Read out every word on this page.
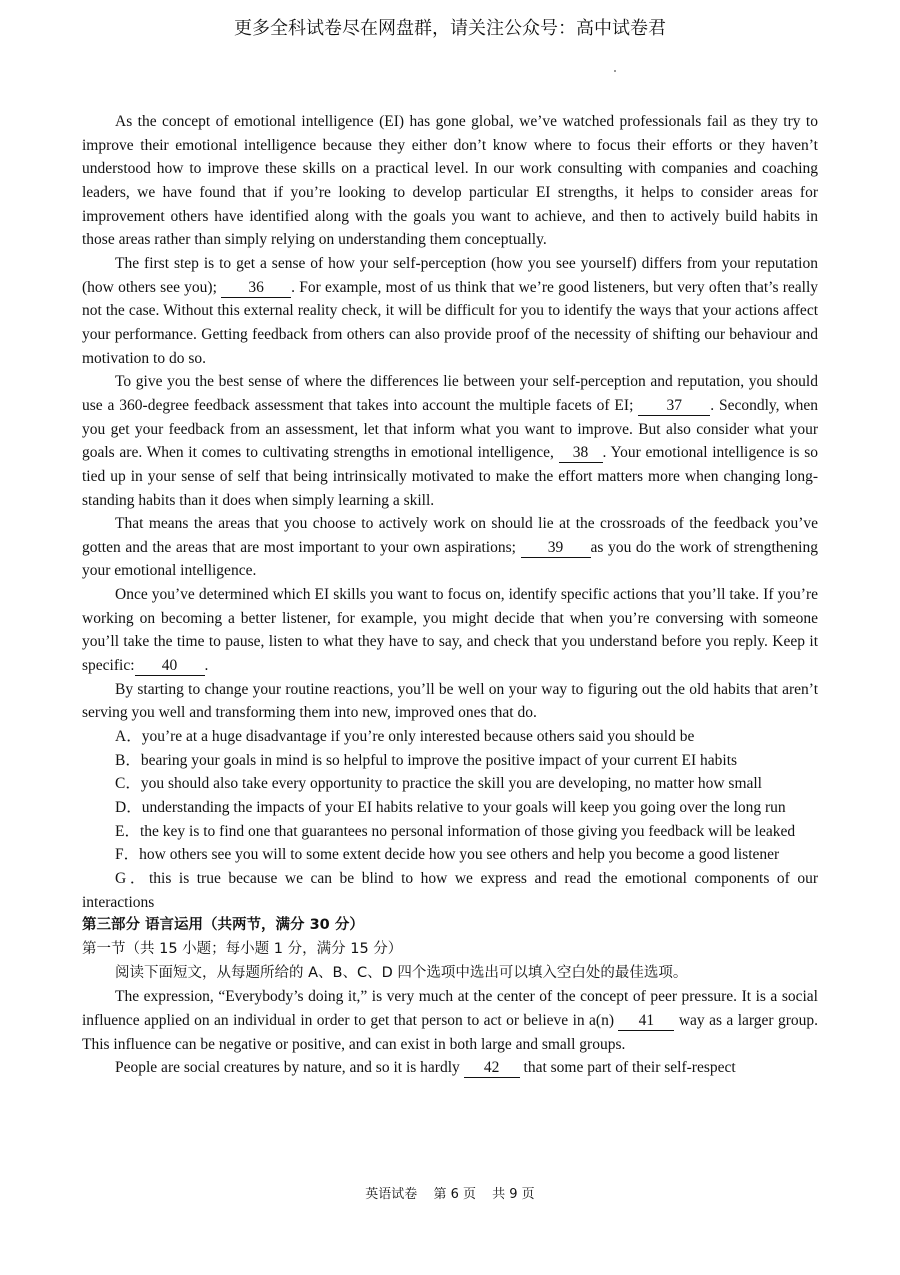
更多全科试卷尽在网盘群，请关注公众号：高中试卷君

As the concept of emotional intelligence (EI) has gone global, we’ve watched professionals fail as they try to improve their emotional intelligence because they either don’t know where to focus their efforts or they haven’t understood how to improve these skills on a practical level. In our work consulting with companies and coaching leaders, we have found that if you’re looking to develop particular EI strengths, it helps to consider areas for improvement others have identified along with the goals you want to achieve, and then to actively build habits in those areas rather than simply relying on understanding them conceptually.

The first step is to get a sense of how your self-perception (how you see yourself) differs from your reputation (how others see you); 36 . For example, most of us think that we’re good listeners, but very often that’s really not the case. Without this external reality check, it will be difficult for you to identify the ways that your actions affect your performance. Getting feedback from others can also provide proof of the necessity of shifting our behaviour and motivation to do so.

To give you the best sense of where the differences lie between your self-perception and reputation, you should use a 360-degree feedback assessment that takes into account the multiple facets of EI; 37 . Secondly, when you get your feedback from an assessment, let that inform what you want to improve. But also consider what your goals are. When it comes to cultivating strengths in emotional intelligence, 38 . Your emotional intelligence is so tied up in your sense of self that being intrinsically motivated to make the effort matters more when changing long-standing habits than it does when simply learning a skill.

That means the areas that you choose to actively work on should lie at the crossroads of the feedback you’ve gotten and the areas that are most important to your own aspirations; 39 as you do the work of strengthening your emotional intelligence.

Once you’ve determined which EI skills you want to focus on, identify specific actions that you’ll take. If you’re working on becoming a better listener, for example, you might decide that when you’re conversing with someone you’ll take the time to pause, listen to what they have to say, and check that you understand before you reply. Keep it specific: 40 .

By starting to change your routine reactions, you’ll be well on your way to figuring out the old habits that aren’t serving you well and transforming them into new, improved ones that do.

A．you’re at a huge disadvantage if you’re only interested because others said you should be

B．bearing your goals in mind is so helpful to improve the positive impact of your current EI habits

C．you should also take every opportunity to practice the skill you are developing, no matter how small

D．understanding the impacts of your EI habits relative to your goals will keep you going over the long run

E．the key is to find one that guarantees no personal information of those giving you feedback will be leaked

F．how others see you will to some extent decide how you see others and help you become a good listener

G．this is true because we can be blind to how we express and read the emotional components of our interactions

第三部分 语言运用（共两节，满分 30 分）

第一节（共 15 小题；每小题 1 分，满分 15 分）

阅读下面短文，从每题所给的 A、B、C、D 四个选项中选出可以填入空白处的最佳选项。

The expression, “Everybody’s doing it,” is very much at the center of the concept of peer pressure. It is a social influence applied on an individual in order to get that person to act or believe in a(n) 41 way as a larger group. This influence can be negative or positive, and can exist in both large and small groups.

People are social creatures by nature, and so it is hardly 42 that some part of their self-respect

英语试卷 第 6 页 共 9 页
